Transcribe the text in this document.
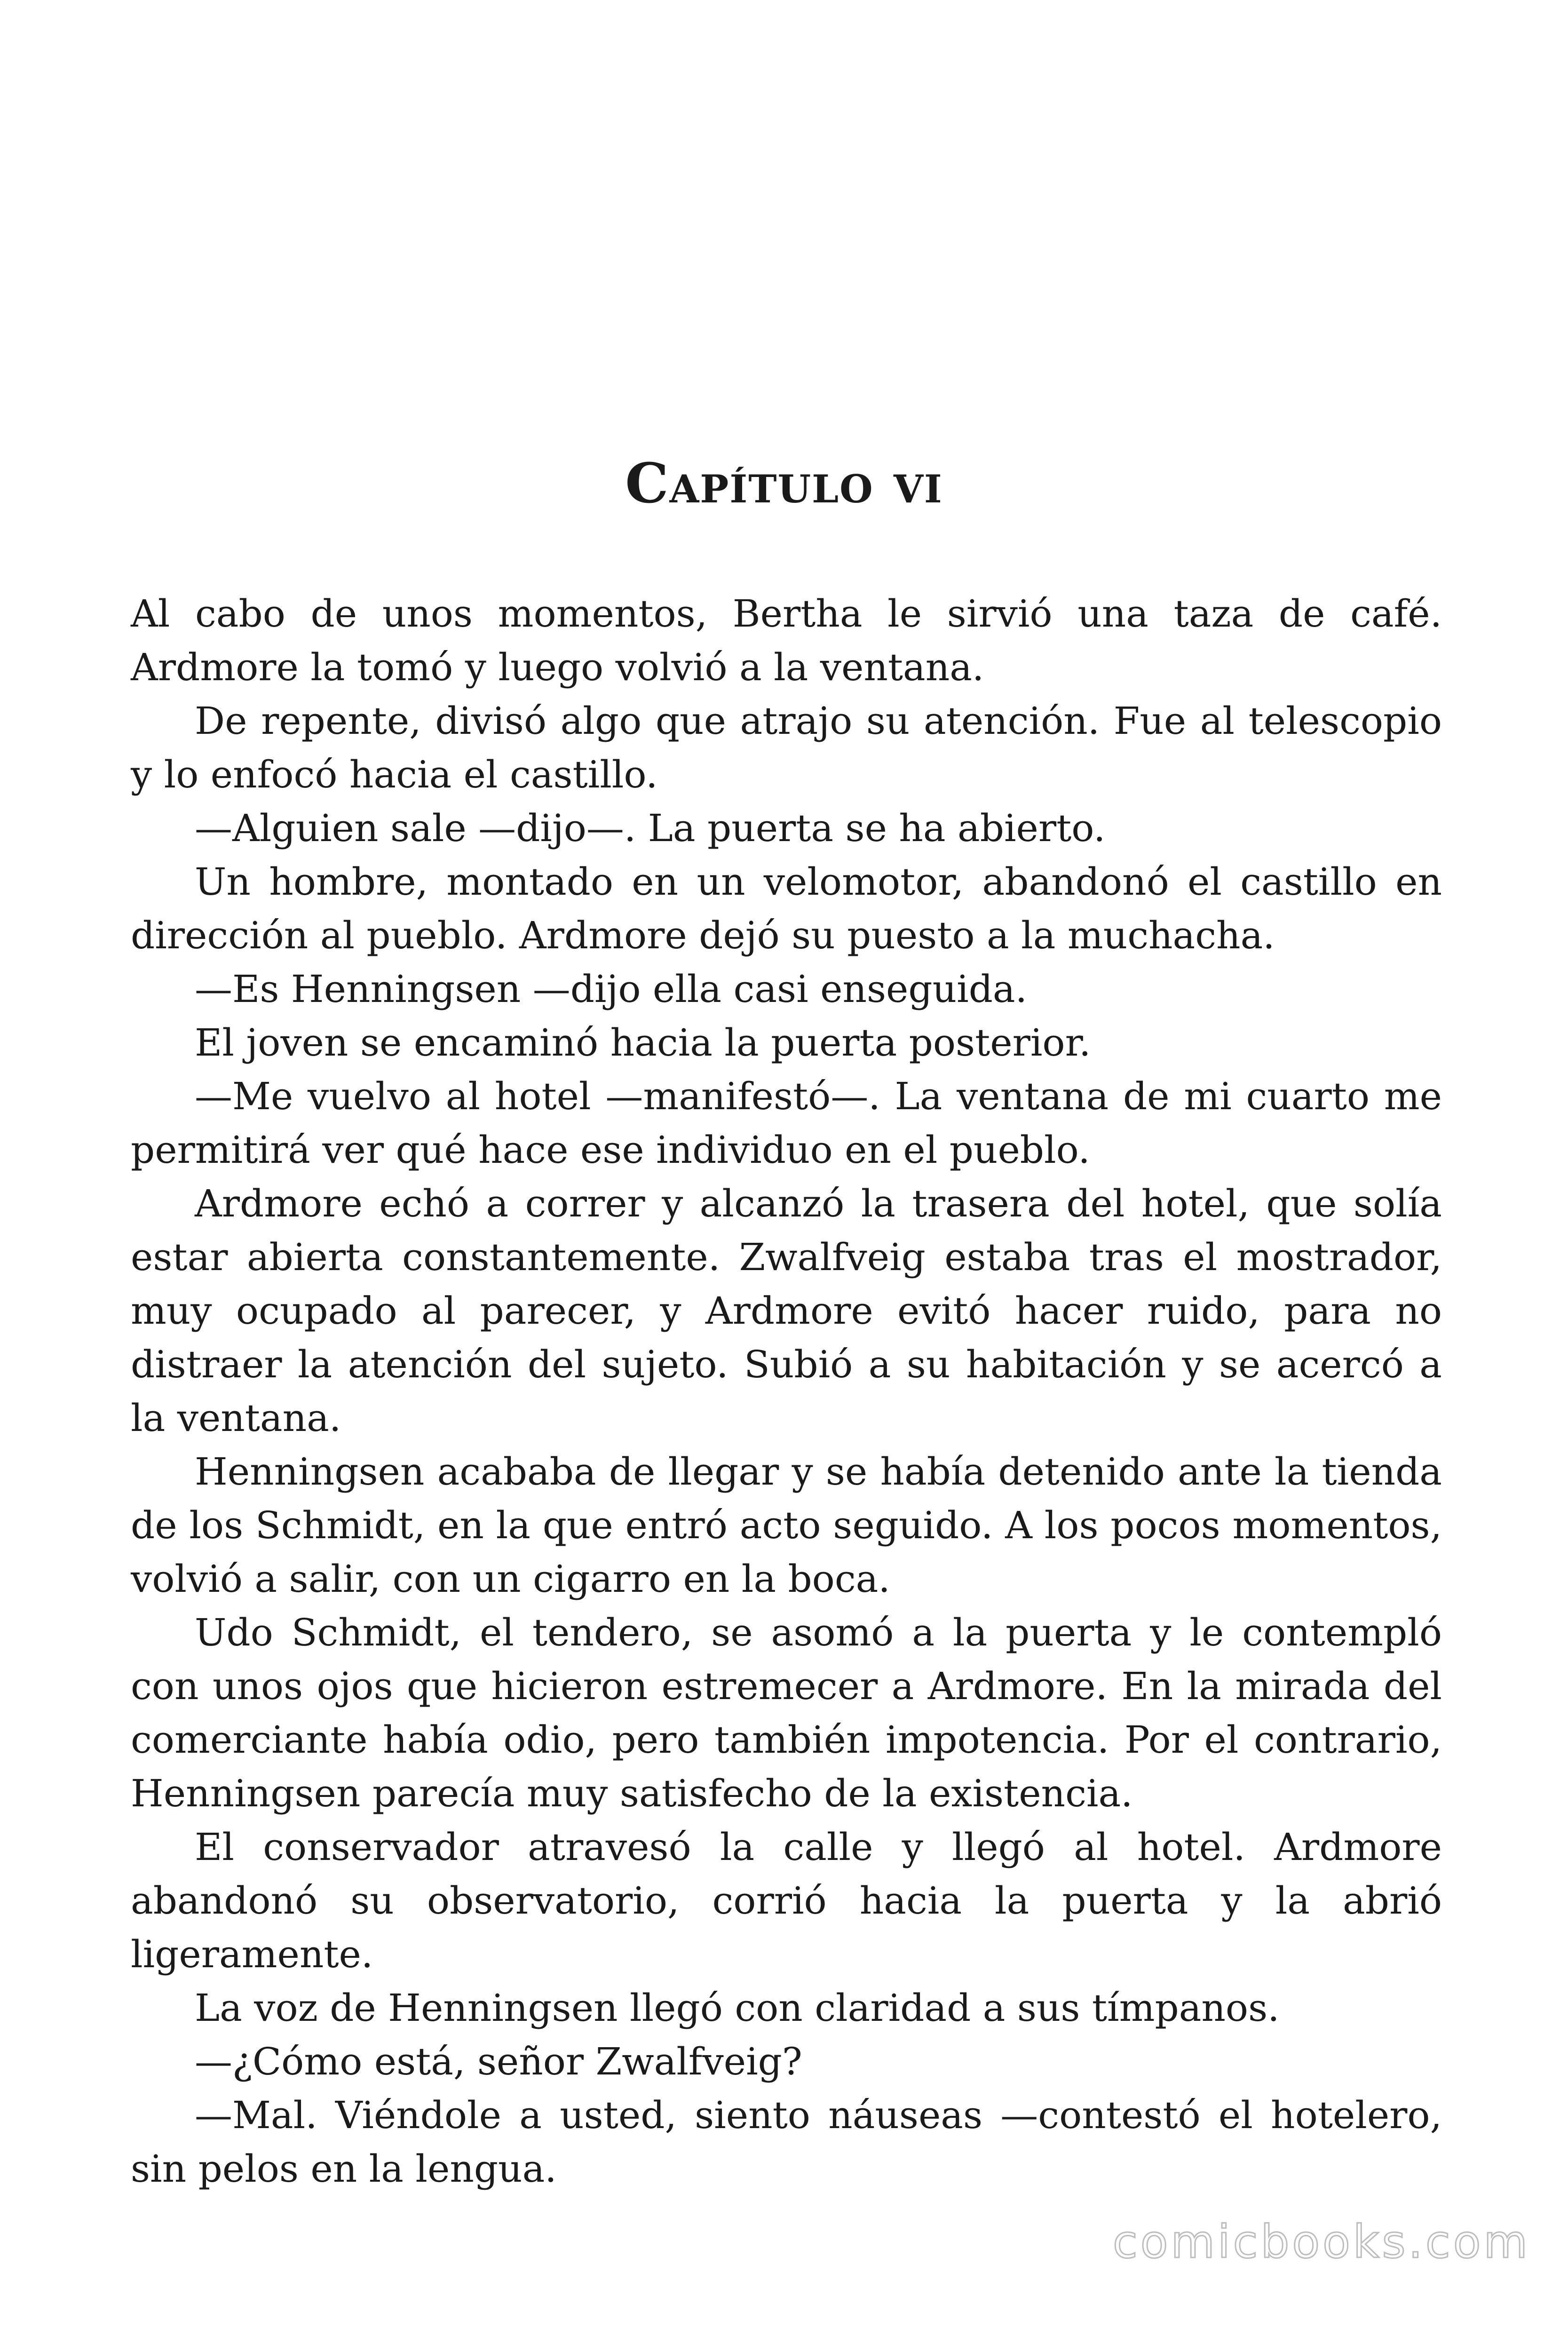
Capítulo vi

Al cabo de unos momentos, Bertha le sirvió una taza de café. Ardmore la tomó y luego volvió a la ventana.

De repente, divisó algo que atrajo su atención. Fue al telescopio y lo enfocó hacia el castillo.

—Alguien sale —dijo—. La puerta se ha abierto.

Un hombre, montado en un velomotor, abandonó el castillo en dirección al pueblo. Ardmore dejó su puesto a la muchacha.

—Es Henningsen —dijo ella casi enseguida.

El joven se encaminó hacia la puerta posterior.

—Me vuelvo al hotel —manifestó—. La ventana de mi cuarto me permitirá ver qué hace ese individuo en el pueblo.

Ardmore echó a correr y alcanzó la trasera del hotel, que solía estar abierta constantemente. Zwalfveig estaba tras el mostrador, muy ocupado al parecer, y Ardmore evitó hacer ruido, para no distraer la atención del sujeto. Subió a su habitación y se acercó a la ventana.

Henningsen acababa de llegar y se había detenido ante la tienda de los Schmidt, en la que entró acto seguido. A los pocos momentos, volvió a salir, con un cigarro en la boca.

Udo Schmidt, el tendero, se asomó a la puerta y le contempló con unos ojos que hicieron estremecer a Ardmore. En la mirada del comerciante había odio, pero también impotencia. Por el contrario, Henningsen parecía muy satisfecho de la existencia.

El conservador atravesó la calle y llegó al hotel. Ardmore abandonó su observatorio, corrió hacia la puerta y la abrió ligeramente.

La voz de Henningsen llegó con claridad a sus tímpanos.

—¿Cómo está, señor Zwalfveig?

—Mal. Viéndole a usted, siento náuseas —contestó el hotelero, sin pelos en la lengua.

comicbooks.com
